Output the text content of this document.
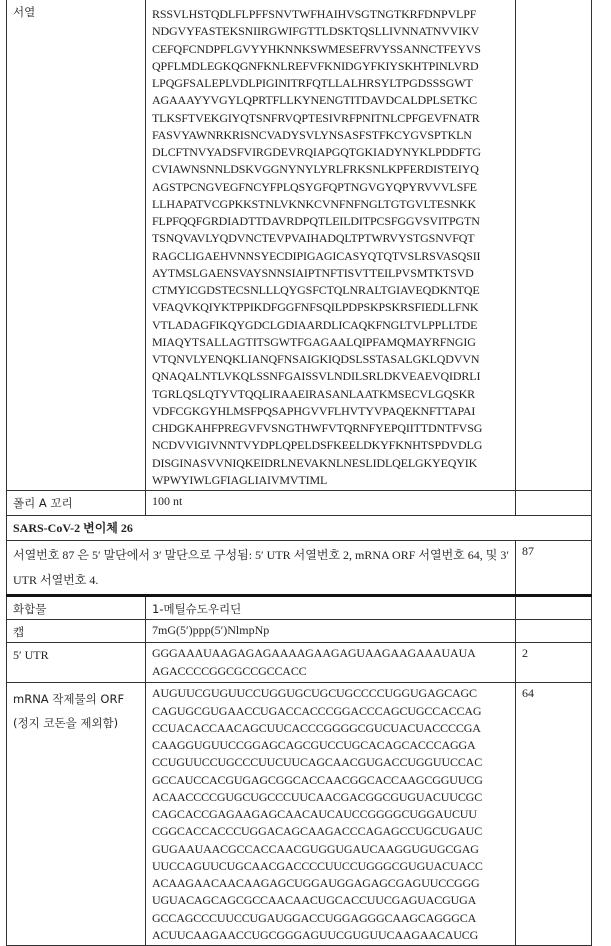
서열	RSSVLHSTQDLFLPFFSNVTWFHAIHVSGTNGTKRFDNPVLPF
NDGVYFASTEKSNIIRGWIFGTTLDSKTQSLLIVNNATNVVIKV
CEFQFCNDPFLGVYYHKNNKSWMESEFRVYSSANNCTFEYVS
QPFLMDLEGKQGNFKNLREFVFKNIDGYFKIYSKHTPINLVRD
LPQGFSALEPLVDLPIGINITRFQTLLALHRSYLTPGDSSSGWT
AGAAAYYVGYLQPRTFLLKYNENGTITDAVDCALDPLSETKC
TLKSFTVEKGIYQTSNFRVQPTESIVRFPNITNLCPFGEVFNATR
FASVYAWNRKRISNCVADYSVLYNSASFSTFKCYGVSPTKLN
DLCFTNVYADSFVIRGDEVRQIAPGQTGKIADYNYKLPDDFTG
CVIAWNSNNLDSKVGGNYNYLYRLFRKSNLKPFERDISTEIYQ
AGSTPCNGVEGFNCYFPLQSYGFQPTNGVGYQPYRVVVLSFE
LLHAPATVCGPKKSTNLVKNKCVNFNFNGLTGTGVLTESNKK
FLPFQQFGRDIADTTDAVRDPQTLEILDITPCSFGGVSVITPGTN
TSNQVAVLYQDVNCTEVPVAIHADQLTPTWRVYSTGSNVFQT
RAGCLIGAEHVNNSYECDIPIGAGICASYQTQTVSLRSVASQSII
AYTMSLGAENSVAYSNNSIAIPTNFTISVTTEILPVSMTKTSVD
CTMYICGDSTECSNLLLQYGSFCTQLNRALTGIAVEQDKNTQE
VFAQVKQIYKTPPIKDFGGFNFSQILPDPSKPSKRSFIEDLLFNK
VTLADAGFIKQYGDCLGDIAARDLICAQKFNGLTVLPPLLTDE
MIAQYTSALLAGTITSGWTFGAGAALQIPFAMQMAYRFNGIG
VTQNVLYENQKLIANQFNSAIGKIQDSLSSTASALGKLQDVVN
QNAQALNTLVKQLSSNFGAISSVLNDILSRLDKVEAEVQIDRLI
TGRLQSLQTYVTQQLIRAAEIRASANLAATKMSECVLGQSKR
VDFCGKGYHLMSFPQSAPHGVVFLHVTYVPAQEKNFTTAPAI
CHDGKAHFPREGVFVSNGTHWFVTQRNFYEPQIITTDNTFVSG
NCDVVIGIVNNTVYDPLQPELDSFKEELDKYFKNHTSPDVDLG
DISGINASVVNIQKEIDRLNEVAKNLNESLIDLQELGKYEQYIK
WPWYIWLGFIAGLIAIVMVTIML

폴리 A 꼬리	100 nt	
SARS-CoV-2 변이체 26
서열번호 87 은 5′ 말단에서 3′ 말단으로 구성됨: 5′ UTR 서열번호 2, mRNA ORF 서열번호 64, 및 3′ UTR 서열번호 4.	87
화합물	1-메틸슈도우리딘	
캡	7mG(5′)ppp(5′)NlmpNp	
5′ UTR	GGGAAAUAAGAGAGAAAAGAAGAGUAAGAAGAAAUAUA
AGACCCCGGCGCCGCCACC
	2

mRNA 작제물의 ORF
(정지 코돈을 제외함)

AUGUUCGUGUUCCUGGUGCUGCUGCCCCUGGUGAGCAGC
CAGUGCGUGAACCUGACCACCCGGACCCAGCUGCCACCAG
CCUACACCAACAGCUUCACCCGGGGCGUCUACUACCCCGA
CAAGGUGUUCCGGAGCAGCGUCCUGCACAGCACCCAGGA
CCUGUUCCUGCCCUUCUUCAGCAACGUGACCUGGUUCCAC
GCCAUCCACGUGAGCGGCACCAACGGCACCAAGCGGUUCG
ACAACCCCGUGCUGCCCUUCAACGACGGCGUGUACUUCGC
CAGCACCGAGAAGAGCAACAUCAUCCGGGGCUGGAUCUU
CGGCACCACCCUGGACAGCAAGACCCAGAGCCUGCUGAUC
GUGAAUAACGCCACCAACGUGGUGAUCAAGGUGUGCGAG
UUCCAGUUCUGCAACGACCCCUUCCUGGGCGUGUACUACC
ACAAGAACAACAAGAGCUGGAUGGAGAGCGAGUUCCGGG
UGUACAGCAGCGCCAACAACUGCACCUUCGAGUACGUGA
GCCAGCCCUUCCUGAUGGACCUGGAGGGCAAGCAGGGCA
ACUUCAAGAACCUGCGGGAGUUCGUGUUCAAGAACAUCG
	64
